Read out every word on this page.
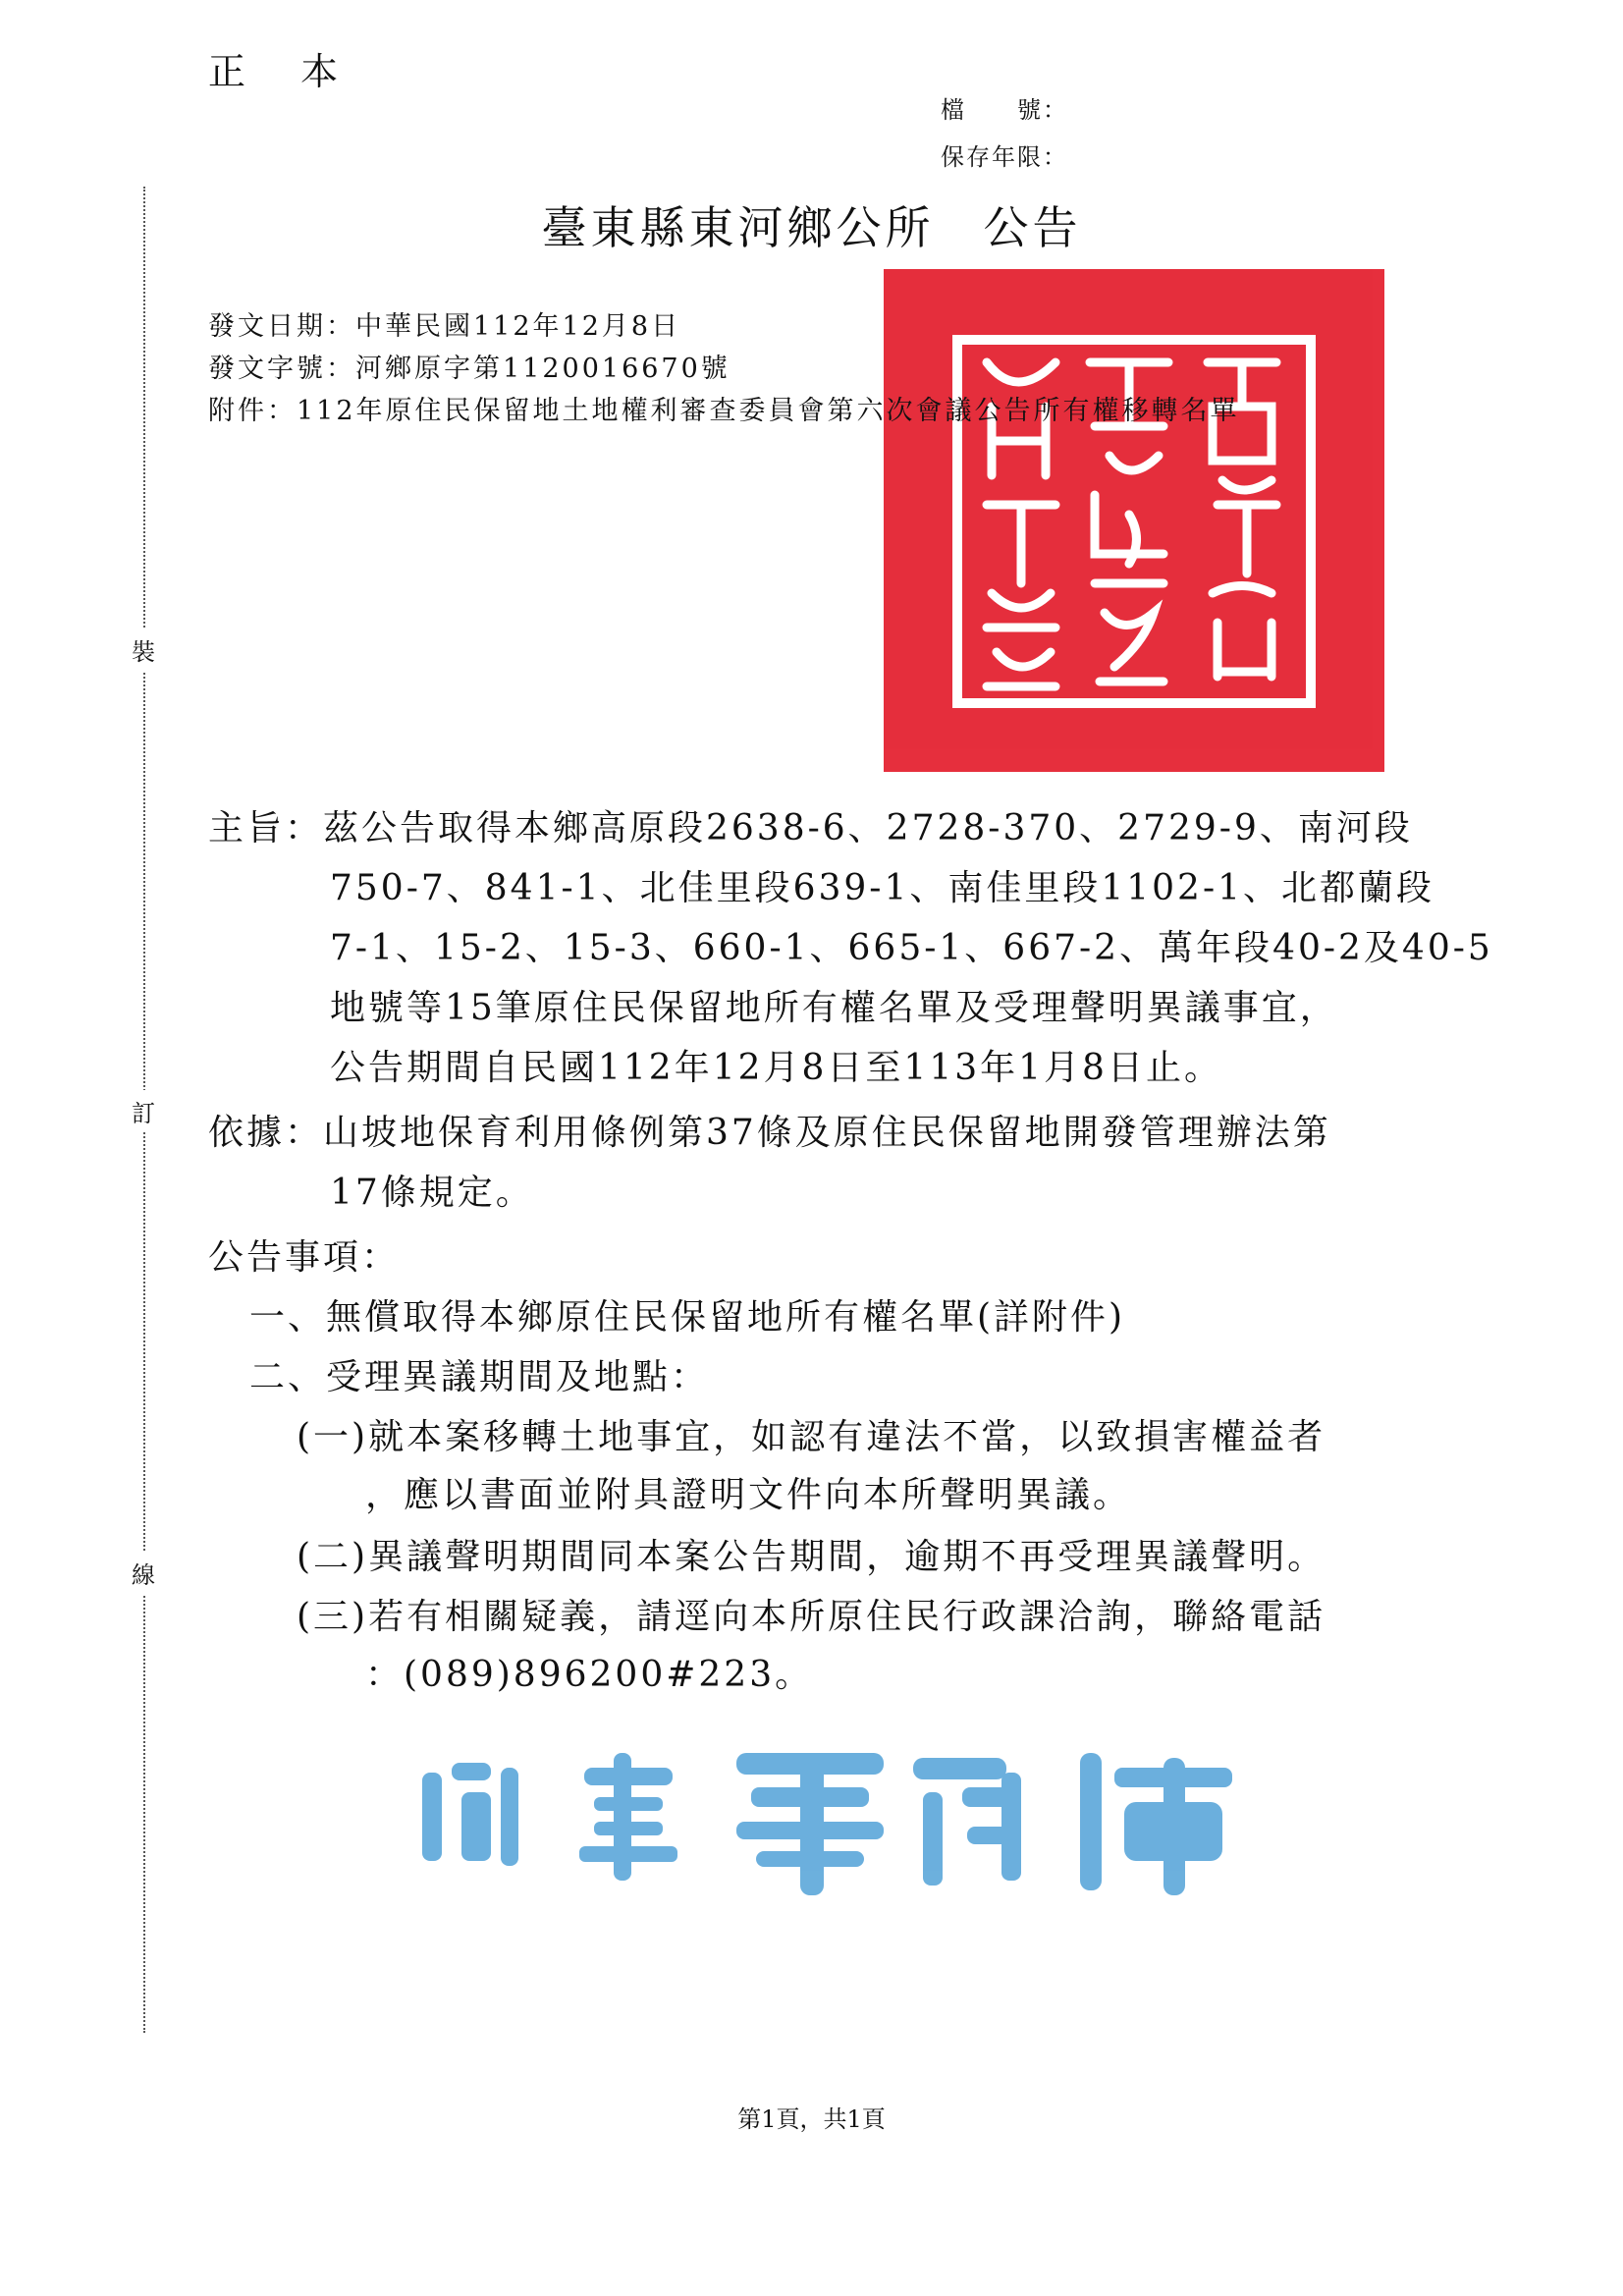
正 本
檔　　號：
保存年限：
裝
訂
線
臺東縣東河鄉公所　公告
發文日期：中華民國112年12月8日
發文字號：河鄉原字第1120016670號
附件：112年原住民保留地土地權利審查委員會第六次會議公告所有權移轉名單
主旨：茲公告取得本鄉高原段2638-6、2728-370、2729-9、南河段
750-7、841-1、北佳里段639-1、南佳里段1102-1、北都蘭段
7-1、15-2、15-3、660-1、665-1、667-2、萬年段40-2及40-5
地號等15筆原住民保留地所有權名單及受理聲明異議事宜，
公告期間自民國112年12月8日至113年1月8日止。
依據：山坡地保育利用條例第37條及原住民保留地開發管理辦法第
17條規定。
公告事項：
一、無償取得本鄉原住民保留地所有權名單(詳附件)
二、受理異議期間及地點：
(一)就本案移轉土地事宜，如認有違法不當，以致損害權益者
，應以書面並附具證明文件向本所聲明異議。
(二)異議聲明期間同本案公告期間，逾期不再受理異議聲明。
(三)若有相關疑義，請逕向本所原住民行政課洽詢，聯絡電話
：(089)896200#223。
第1頁，共1頁
